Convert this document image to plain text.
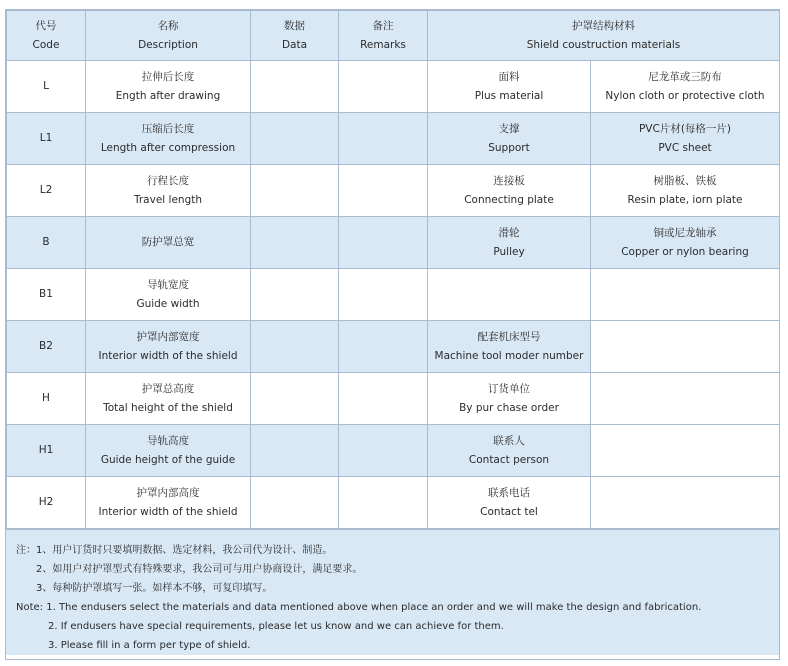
代号
Code	名称
Description	数据
Data	备注
Remarks	护罩结构材料
Shield coustruction materials	

L	拉伸后长度
Ength after drawing			面料
Plus material	尼龙革或三防布
Nylon cloth or protective cloth

L1	压缩后长度
Length after compression			支撑
Support	PVC片材(每格一片)
PVC sheet

L2	行程长度
Travel length			连接板
Connecting plate	树脂板、铁板
Resin plate, iorn plate

B	防护罩总宽			滑轮
Pulley	铜或尼龙轴承
Copper or nylon bearing

B1	导轨宽度
Guide width				

B2	护罩内部宽度
Interior width of the shield			配套机床型号
Machine tool moder number	

H	护罩总高度
Total height of the shield			订货单位
By pur chase order	

H1	导轨高度
Guide height of the guide			联系人
Contact person	

H2	护罩内部高度
Interior width of the shield			联系电话
Contact tel	

注：1、用户订货时只要填明数据、选定材料，我公司代为设计、制造。
2、如用户对护罩型式有特殊要求，我公司可与用户协商设计，满足要求。
3、每种防护罩填写一张。如样本不够，可复印填写。
Note: 1. The endusers select the materials and data mentioned above when place an order and we will make the design and fabrication.
2. If endusers have special requirements, please let us know and we can achieve for them.
3. Please fill in a form per type of shield.
